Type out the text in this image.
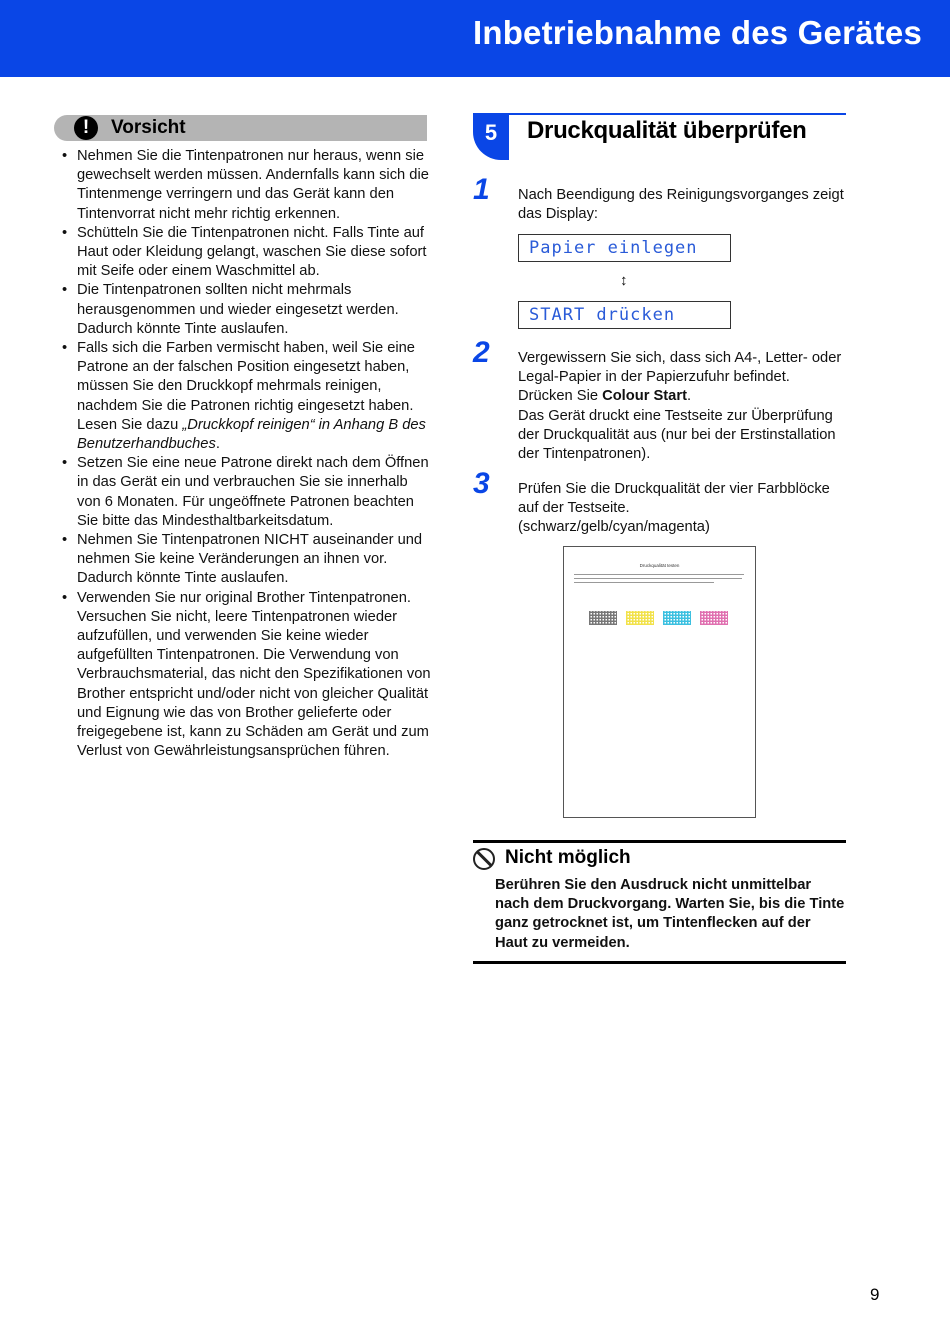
Inbetriebnahme des Gerätes
!	Vorsicht
• Nehmen Sie die Tintenpatronen nur heraus, wenn sie gewechselt werden müssen. Andernfalls kann sich die Tintenmenge verringern und das Gerät kann den Tintenvorrat nicht mehr richtig erkennen.
• Schütteln Sie die Tintenpatronen nicht. Falls Tinte auf Haut oder Kleidung gelangt, waschen Sie diese sofort mit Seife oder einem Waschmittel ab.
• Die Tintenpatronen sollten nicht mehrmals herausgenommen und wieder eingesetzt werden. Dadurch könnte Tinte auslaufen.
• Falls sich die Farben vermischt haben, weil Sie eine Patrone an der falschen Position eingesetzt haben, müssen Sie den Druckkopf mehrmals reinigen, nachdem Sie die Patronen richtig eingesetzt haben. Lesen Sie dazu „Druckkopf reinigen“ in Anhang B des Benutzerhandbuches.
• Setzen Sie eine neue Patrone direkt nach dem Öffnen in das Gerät ein und verbrauchen Sie sie innerhalb von 6 Monaten. Für ungeöffnete Patronen beachten Sie bitte das Mindesthaltbarkeitsdatum.
• Nehmen Sie Tintenpatronen NICHT auseinander und nehmen Sie keine Veränderungen an ihnen vor. Dadurch könnte Tinte auslaufen.
• Verwenden Sie nur original Brother Tintenpatronen.
Versuchen Sie nicht, leere Tintenpatronen wieder aufzufüllen, und verwenden Sie keine wieder aufgefüllten Tintenpatronen. Die Verwendung von Verbrauchsmaterial, das nicht den Spezifikationen von Brother entspricht und/oder nicht von gleicher Qualität und Eignung wie das von Brother gelieferte oder freigegebene ist, kann zu Schäden am Gerät und zum Verlust von Gewährleistungsansprüchen führen.
5	Druckqualität überprüfen
1 Nach Beendigung des Reinigungsvorganges zeigt das Display:
Papier einlegen
↕
START drücken
2 Vergewissern Sie sich, dass sich A4-, Letter- oder Legal-Papier in der Papierzufuhr befindet.
Drücken Sie Colour Start.
Das Gerät druckt eine Testseite zur Überprüfung der Druckqualität aus (nur bei der Erstinstallation der Tintenpatronen).
3 Prüfen Sie die Druckqualität der vier Farbblöcke auf der Testseite.
(schwarz/gelb/cyan/magenta)
Druckqualität testen
Nicht möglich
Berühren Sie den Ausdruck nicht unmittelbar nach dem Druckvorgang. Warten Sie, bis die Tinte ganz getrocknet ist, um Tintenflecken auf der Haut zu vermeiden.
9
